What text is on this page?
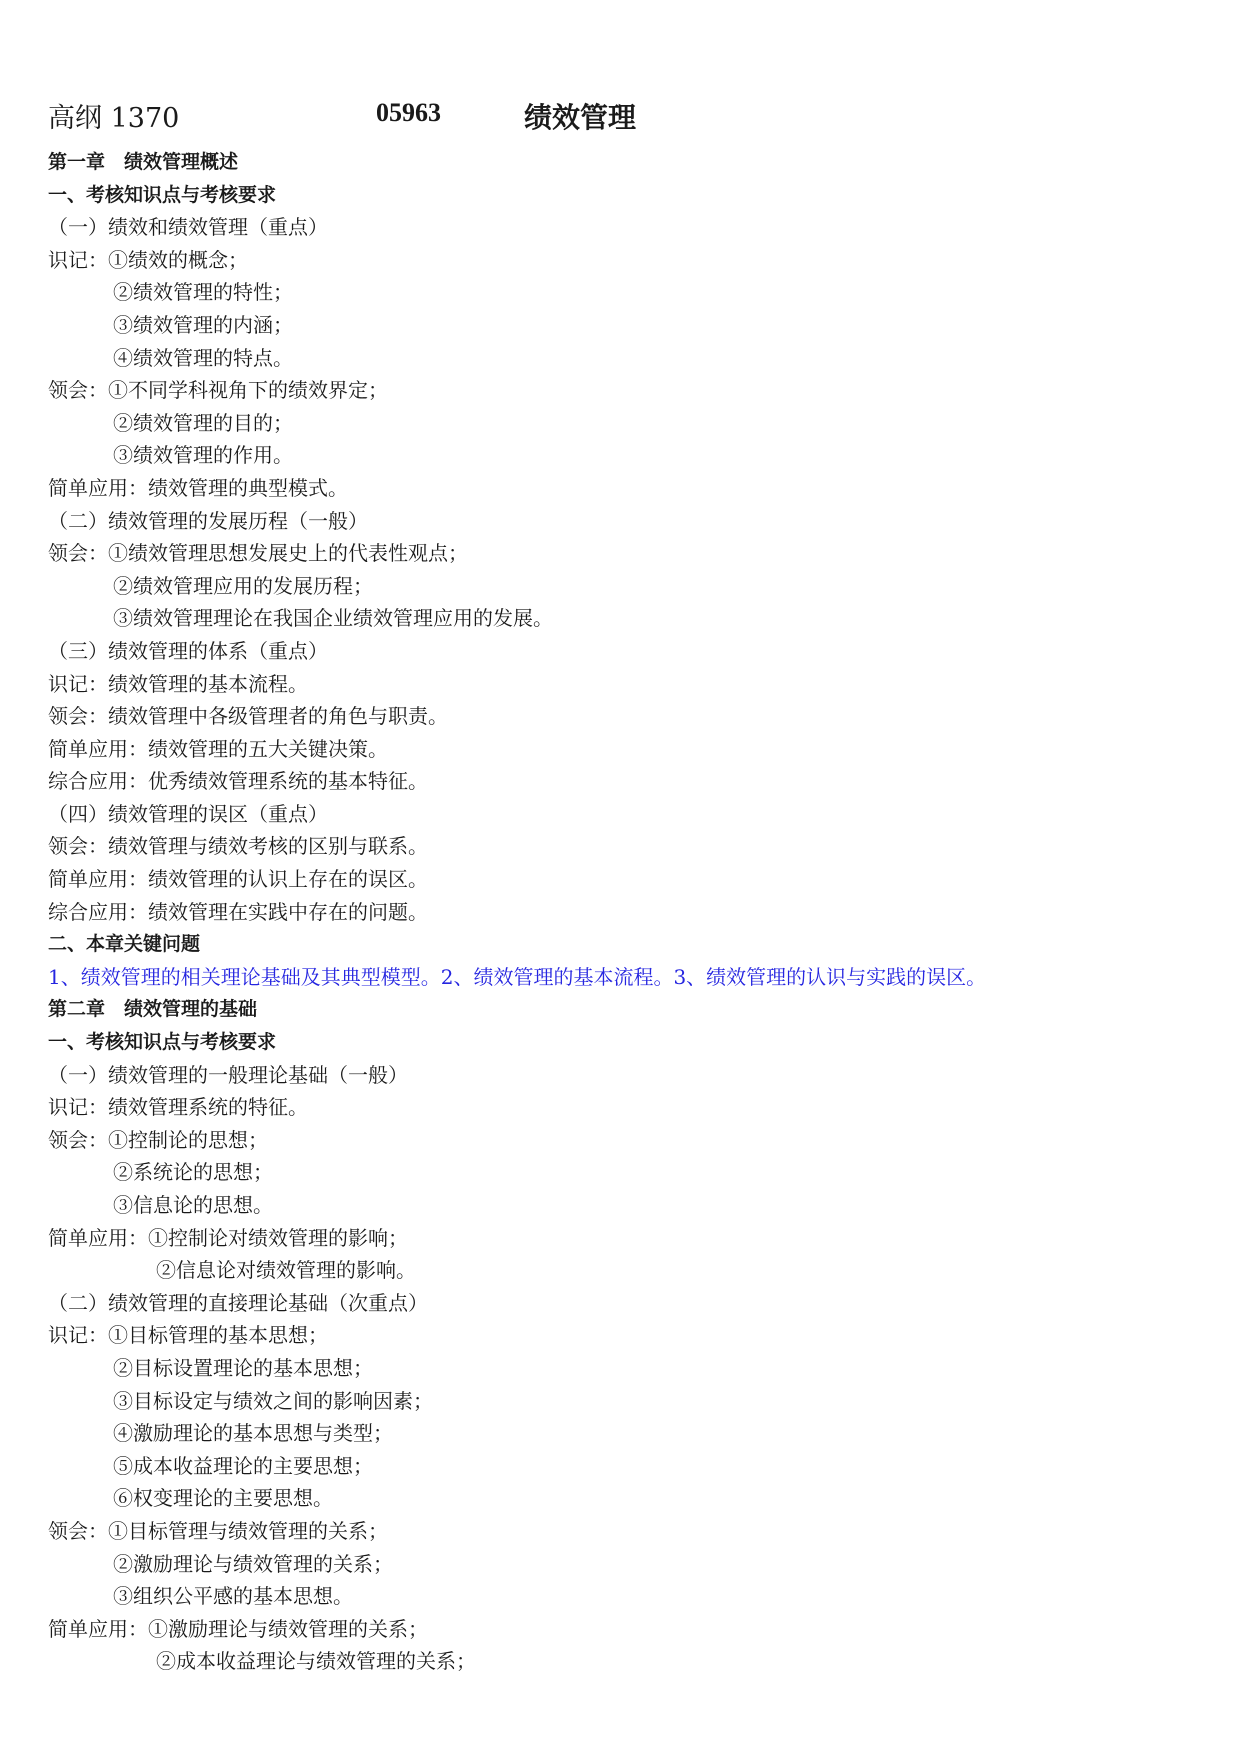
高纲 1370	05963	绩效管理
第一章　绩效管理概述
一、考核知识点与考核要求
（一）绩效和绩效管理（重点）
识记：①绩效的概念；
②绩效管理的特性；
③绩效管理的内涵；
④绩效管理的特点。
领会：①不同学科视角下的绩效界定；
②绩效管理的目的；
③绩效管理的作用。
简单应用：绩效管理的典型模式。
（二）绩效管理的发展历程（一般）
领会：①绩效管理思想发展史上的代表性观点；
②绩效管理应用的发展历程；
③绩效管理理论在我国企业绩效管理应用的发展。
（三）绩效管理的体系（重点）
识记：绩效管理的基本流程。
领会：绩效管理中各级管理者的角色与职责。
简单应用：绩效管理的五大关键决策。
综合应用：优秀绩效管理系统的基本特征。
（四）绩效管理的误区（重点）
领会：绩效管理与绩效考核的区别与联系。
简单应用：绩效管理的认识上存在的误区。
综合应用：绩效管理在实践中存在的问题。
二、本章关键问题
1、绩效管理的相关理论基础及其典型模型。2、绩效管理的基本流程。3、绩效管理的认识与实践的误区。
第二章　绩效管理的基础
一、考核知识点与考核要求
（一）绩效管理的一般理论基础（一般）
识记：绩效管理系统的特征。
领会：①控制论的思想；
②系统论的思想；
③信息论的思想。
简单应用：①控制论对绩效管理的影响；
②信息论对绩效管理的影响。
（二）绩效管理的直接理论基础（次重点）
识记：①目标管理的基本思想；
②目标设置理论的基本思想；
③目标设定与绩效之间的影响因素；
④激励理论的基本思想与类型；
⑤成本收益理论的主要思想；
⑥权变理论的主要思想。
领会：①目标管理与绩效管理的关系；
②激励理论与绩效管理的关系；
③组织公平感的基本思想。
简单应用：①激励理论与绩效管理的关系；
②成本收益理论与绩效管理的关系；
